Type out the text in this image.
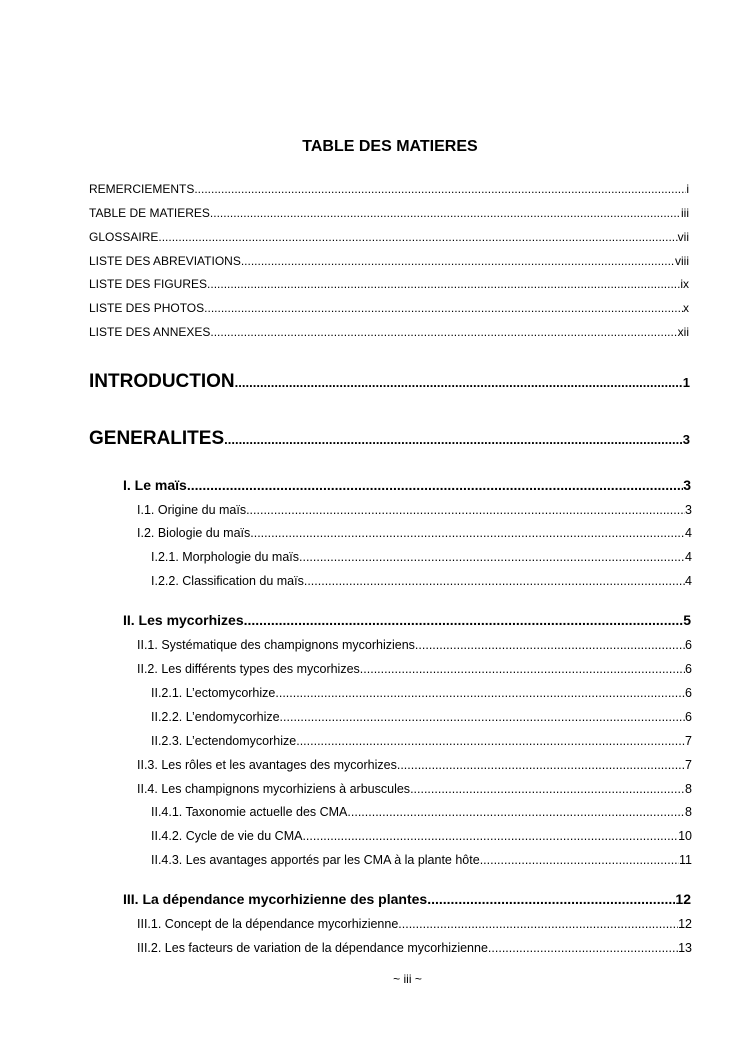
TABLE DES MATIERES
REMERCIEMENTS .....	i
TABLE DE MATIERES .....	iii
GLOSSAIRE .....	vii
LISTE DES ABREVIATIONS .....	viii
LISTE DES FIGURES .....	ix
LISTE DES PHOTOS .....	x
LISTE DES ANNEXES .....	xii
INTRODUCTION .....	1
GENERALITES .....	3
I. Le maïs .....	3
I.1. Origine du maïs .....	3
I.2. Biologie du maïs .....	4
I.2.1. Morphologie du maïs .....	4
I.2.2. Classification du maïs .....	4
II. Les mycorhizes .....	5
II.1. Systématique des champignons mycorhiziens .....	6
II.2. Les différents types des mycorhizes .....	6
II.2.1. L’ectomycorhize .....	6
II.2.2. L’endomycorhize .....	6
II.2.3. L’ectendomycorhize .....	7
II.3. Les rôles et les avantages des mycorhizes .....	7
II.4. Les champignons mycorhiziens à arbuscules .....	8
II.4.1. Taxonomie actuelle des CMA .....	8
II.4.2. Cycle de vie du CMA .....	10
II.4.3. Les avantages apportés par les CMA à la plante hôte .....	11
III. La dépendance mycorhizienne des plantes .....	12
III.1. Concept de la dépendance mycorhizienne .....	12
III.2. Les facteurs de variation de la dépendance mycorhizienne .....	13
~ iii ~
